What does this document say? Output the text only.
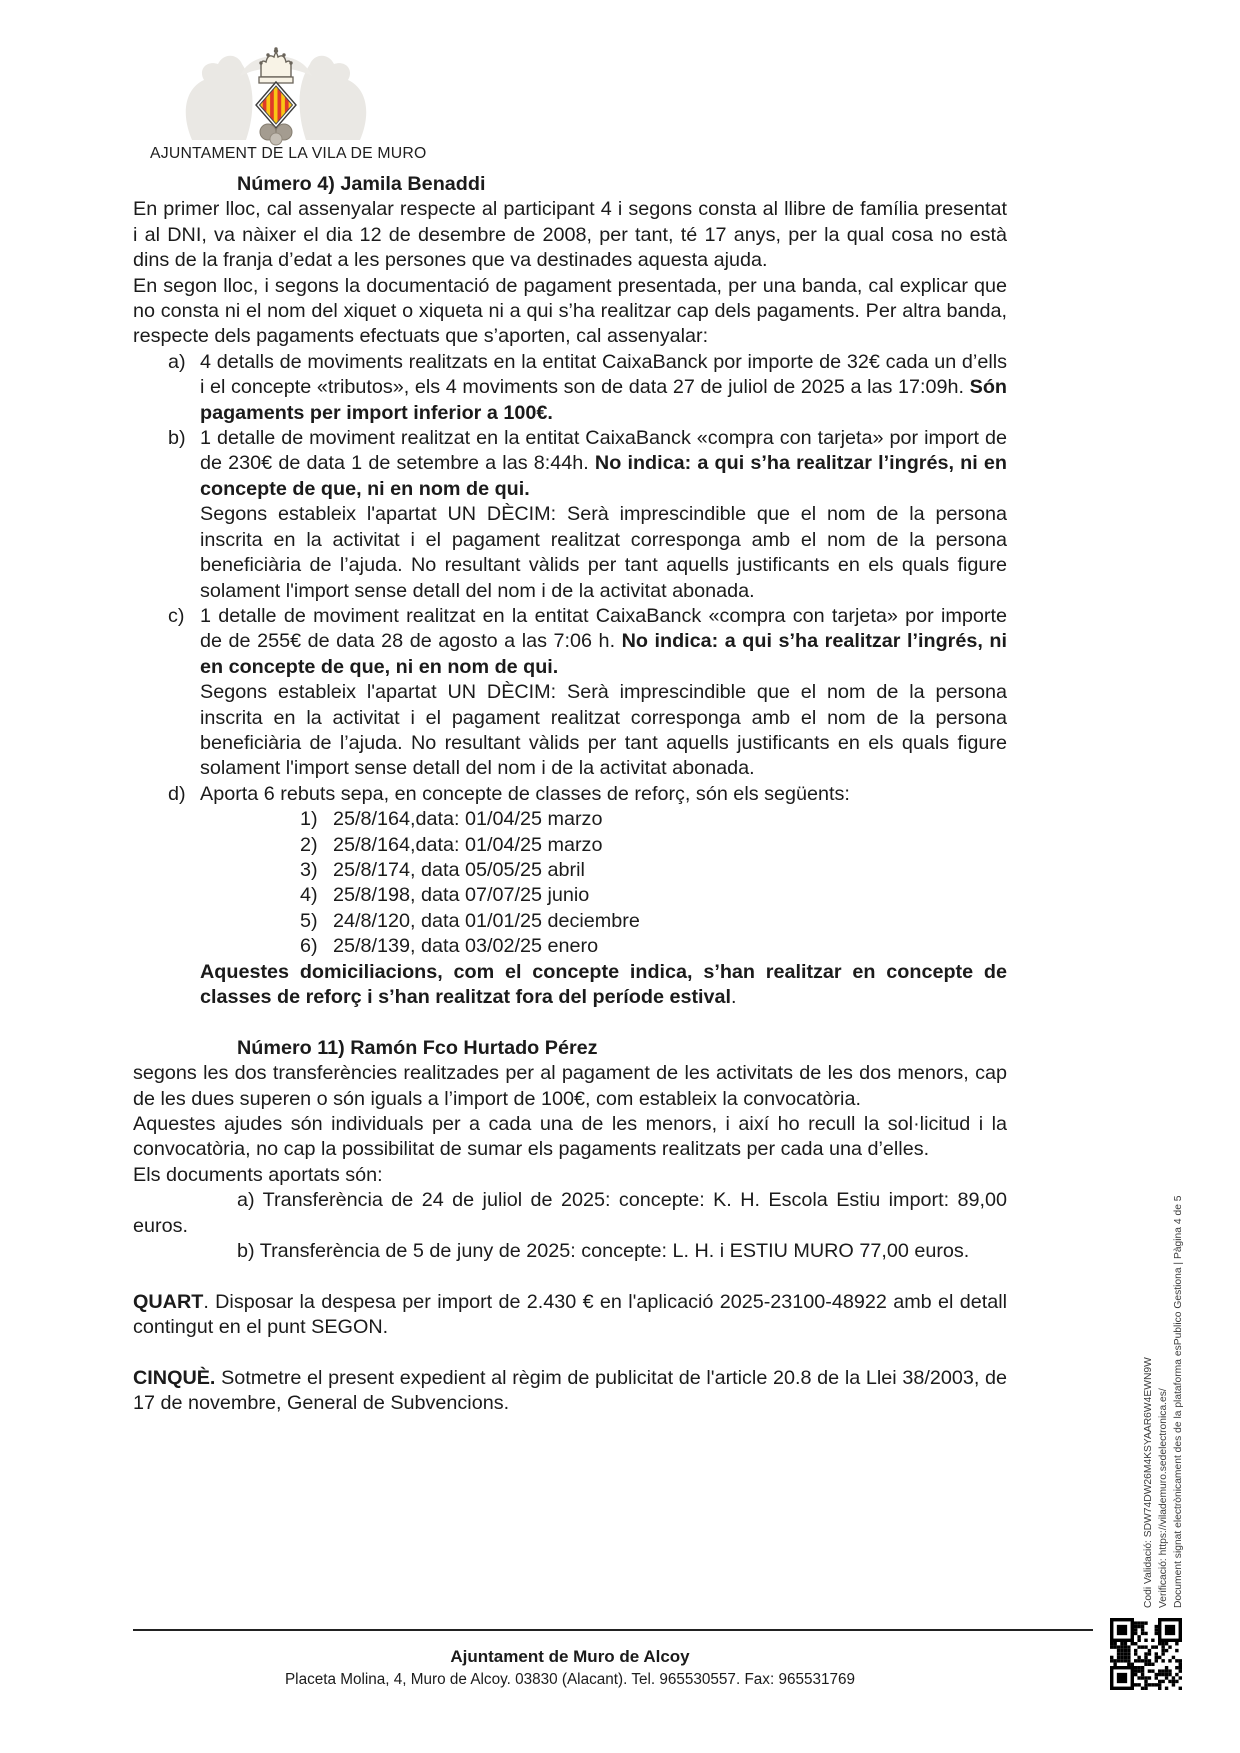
AJUNTAMENT DE LA VILA DE MURO

Número 4) Jamila Benaddi

En primer lloc, cal assenyalar respecte al participant 4 i segons consta al llibre de família presentat i al DNI, va nàixer el dia 12 de desembre de 2008, per tant, té 17 anys, per la qual cosa no està dins de la franja d’edat a les persones que va destinades aquesta ajuda.

En segon lloc, i segons la documentació de pagament presentada, per una banda, cal explicar que no consta ni el nom del xiquet o xiqueta ni a qui s’ha realitzar cap dels pagaments. Per altra banda, respecte dels pagaments efectuats que s’aporten, cal assenyalar:

a) 4 detalls de moviments realitzats en la entitat CaixaBanck por importe de 32€ cada un d’ells i el concepte «tributos», els 4 moviments son de data 27 de juliol de 2025 a las 17:09h. Són pagaments per import inferior a 100€.

b) 1 detalle de moviment realitzat en la entitat CaixaBanck «compra con tarjeta» por import de de 230€ de data 1 de setembre a las 8:44h. No indica: a qui s’ha realitzar l’ingrés, ni en concepte de que, ni en nom de qui.

Segons estableix l'apartat UN DÈCIM: Serà imprescindible que el nom de la persona inscrita en la activitat i el pagament realitzat corresponga amb el nom de la persona beneficiària de l’ajuda. No resultant vàlids per tant aquells justificants en els quals figure solament l'import sense detall del nom i de la activitat abonada.

c) 1 detalle de moviment realitzat en la entitat CaixaBanck «compra con tarjeta» por importe de de 255€ de data 28 de agosto a las 7:06 h. No indica: a qui s’ha realitzar l’ingrés, ni en concepte de que, ni en nom de qui.

Segons estableix l'apartat UN DÈCIM: Serà imprescindible que el nom de la persona inscrita en la activitat i el pagament realitzat corresponga amb el nom de la persona beneficiària de l’ajuda. No resultant vàlids per tant aquells justificants en els quals figure solament l'import sense detall del nom i de la activitat abonada.

d) Aporta 6 rebuts sepa, en concepte de classes de reforç, són els següents:

1) 25/8/164,data: 01/04/25 marzo
2) 25/8/164,data: 01/04/25 marzo
3) 25/8/174, data 05/05/25 abril
4) 25/8/198, data 07/07/25 junio
5) 24/8/120, data 01/01/25 deciembre
6) 25/8/139, data 03/02/25 enero

Aquestes domiciliacions, com el concepte indica, s’han realitzar en concepte de classes de reforç i s’han realitzat fora del període estival.

Número 11) Ramón Fco Hurtado Pérez

segons les dos transferències realitzades per al pagament de les activitats de les dos menors, cap de les dues superen o són iguals a l’import de 100€, com estableix la convocatòria.

Aquestes ajudes són individuals per a cada una de les menors, i així ho recull la sol·licitud i la convocatòria, no cap la possibilitat de sumar els pagaments realitzats per cada una d’elles.

Els documents aportats són:

a) Transferència de 24 de juliol de 2025: concepte: K. H. Escola Estiu import: 89,00 euros.

b) Transferència de 5 de juny de 2025: concepte: L. H. i ESTIU MURO 77,00 euros.

QUART. Disposar la despesa per import de 2.430 € en l'aplicació 2025-23100-48922 amb el detall contingut en el punt SEGON.

CINQUÈ. Sotmetre el present expedient al règim de publicitat de l'article 20.8 de la Llei 38/2003, de 17 de novembre, General de Subvencions.

Ajuntament de Muro de Alcoy
Placeta Molina, 4, Muro de Alcoy. 03830 (Alacant). Tel. 965530557. Fax: 965531769
Codi Validació: SDW74DW26M4KSYAAR6W4EWN9W Verificació: https://vilademuro.sedelectronica.es/ Document signat electrònicament des de la plataforma esPublico Gestiona | Pàgina 4 de 5
